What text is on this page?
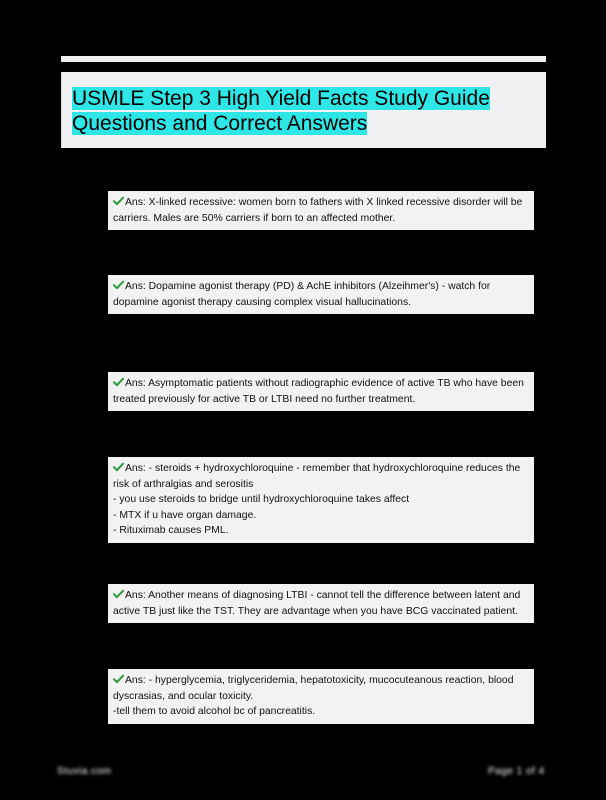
USMLE Step 3 High Yield Facts Study Guide
Questions and Correct Answers
Ans: X-linked recessive: women born to fathers with X linked recessive disorder will be carriers. Males are 50% carriers if born to an affected mother.
Ans: Dopamine agonist therapy (PD) & AchE inhibitors (Alzeihmer's) - watch for dopamine agonist therapy causing complex visual hallucinations.
Ans: Asymptomatic patients without radiographic evidence of active TB who have been treated previously for active TB or LTBI need no further treatment.
Ans: - steroids + hydroxychloroquine - remember that hydroxychloroquine reduces the risk of arthralgias and serositis
- you use steroids to bridge until hydroxychloroquine takes affect
- MTX if u have organ damage.
- Rituximab causes PML.
Ans: Another means of diagnosing LTBI - cannot tell the difference between latent and active TB just like the TST. They are advantage when you have BCG vaccinated patient.
Ans: - hyperglycemia, triglyceridemia, hepatotoxicity, mucocuteanous reaction, blood dyscrasias, and ocular toxicity.
-tell them to avoid alcohol bc of pancreatitis.
Stuvia.com	Page 1 of 4
